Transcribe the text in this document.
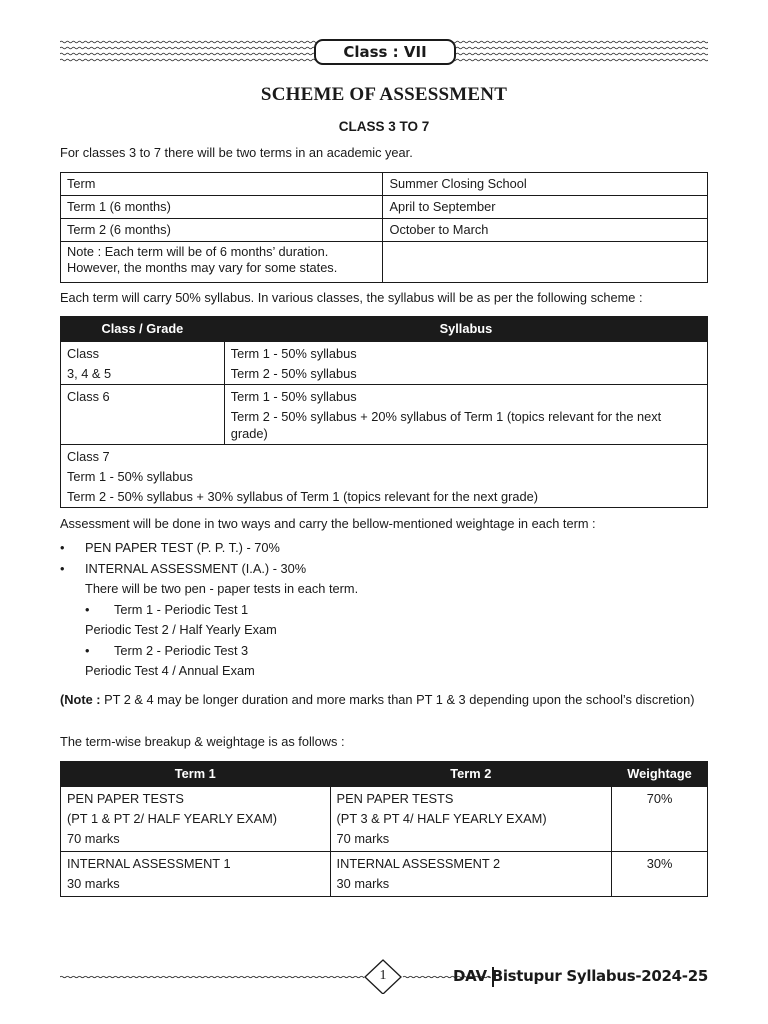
Class : VII
SCHEME OF ASSESSMENT
CLASS 3 TO 7
For classes 3 to 7 there will be two terms in an academic year.
Term	Summer Closing School
Term 1 (6 months)	April to September
Term 2 (6 months)	October to March

Note : Each term will be of 6 months’ duration.
However, the months may vary for some states.	

Each term will carry 50% syllabus. In various classes, the syllabus will be as per the following scheme :
Class / Grade	Syllabus

Class
3, 4 & 5	Term 1 - 50% syllabus
Term 2 - 50% syllabus

Class 6	Term 1 - 50% syllabus
Term 2 - 50% syllabus + 20% syllabus of Term 1 (topics relevant for the next grade)

Class 7
Term 1 - 50% syllabus
Term 2 - 50% syllabus + 30% syllabus of Term 1 (topics relevant for the next grade)	
Assessment will be done in two ways and carry the bellow-mentioned weightage in each term :
• PEN PAPER TEST (P. P. T.) - 70%
• INTERNAL ASSESSMENT (I.A.) - 30%
There will be two pen - paper tests in each term.
• Term 1 - Periodic Test 1
Periodic Test 2 / Half Yearly Exam
• Term 2 - Periodic Test 3
Periodic Test 4 / Annual Exam
(Note : PT 2 & 4 may be longer duration and more marks than PT 1 & 3 depending upon the school’s discretion)
The term-wise breakup & weightage is as follows :
Term 1	Term 2	Weightage

PEN PAPER TESTS
(PT 1 & PT 2/ HALF YEARLY EXAM)
70 marks	PEN PAPER TESTS
(PT 3 & PT 4/ HALF YEARLY EXAM)
70 marks	70%

INTERNAL ASSESSMENT 1
30 marks	INTERNAL ASSESSMENT 2
30 marks	30%
1	DAV Bistupur Syllabus-2024-25
